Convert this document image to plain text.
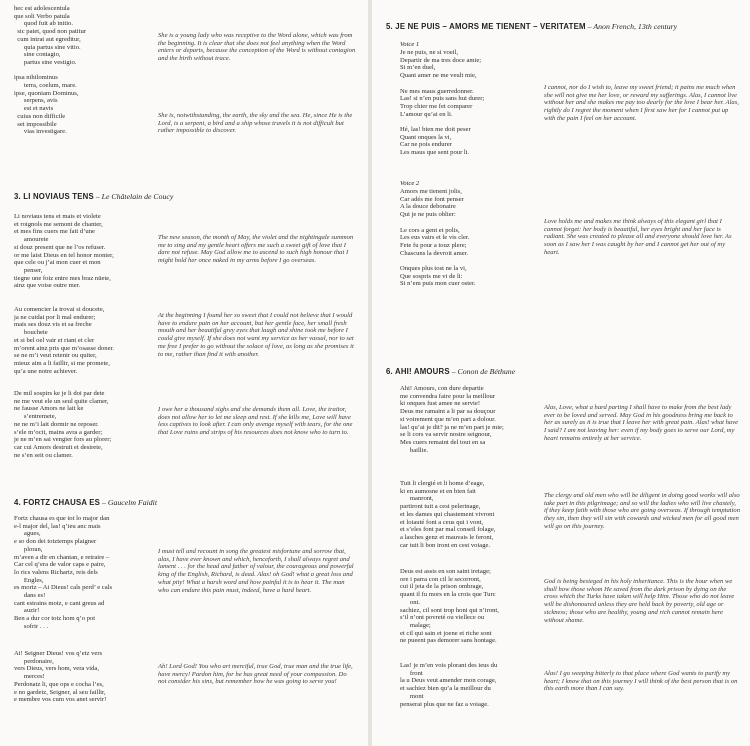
hec est adolescentula
que soli Verbo patula
quod fuit ab initio.
sic patet, quod non patitur
cum intrat aut egreditur,
quia partus sine vitio.
sine contagio,
partus sine vestigio.

ipsa nihilominus
terra, coelum, mare.
ipse, quoniam Dominus,
serpens, avis
est et navis
cuius non difficile
set impossibile
vias investigare.
She is a young lady who was receptive to the Word alone, which was from the beginning. It is clear that she does not feel anything when the Word enters or departs, because the conception of the Word is without contagion and the birth without trace.
She is, notwithstanding, the earth, the sky and the sea. He, since He is the Lord, is a serpent, a bird and a ship whose travels it is not difficult but rather impossible to discover.
3. LI NOVIAUS TENS – Le Châtelain de Coucy
Li noviaus tens et mais et violete
et roignols me semont de chanter,
et mes fins cuers me fait d’une
amourete
si douz present que ne l’os refuser.
or me laist Dieus en tel honor monter,
que cele ou j’ai mon cuer et mon
penser,
tiegne une foiz entre mes braz nüete,
ainz que voise outre mer.
The new season, the month of May, the violet and the nightingale summon me to sing and my gentle heart offers me such a sweet gift of love that I dare not refuse. May God allow me to ascend to such high honour that I might hold her once naked in my arms before I go overseas.
Au comencier la trovai si doucete,
ja ne cuidai por li mal endurer;
mais ses douz vis et sa freche
bouchete
et si bel oel vair et riant et cler
m’orent ainz pris que m’osasse doner.
se ne m’i veut retenir ou quiter,
mieuz aim a li faillir, si me promete,
qu’a une notre achiever.
At the beginning I found her so sweet that I could not believe that I would have to endure pain on her account, but her gentle face, her small fresh mouth and her beautiful grey eyes that laugh and shine took me before I could give myself. If she does not want my service as her vassal, nor to set me free I prefer to go without the solace of love, as long as she promises it to me, rather than find it with another.
De mil sospirs ke je li doi par dete
ne me veut ele un seul quite clamer,
ne fausse Amors ne lait ke
s’entremete,
ne ne m’i lait dormir ne reposer.
s’ele m’ocit, mains avra a garder;
je ne m’en sai vengier fors au plorer;
car cui Amors destruit et desirete,
ne s’en seit ou clamer.
I owe her a thousand sighs and she demands them all. Love, the traitor, does not allow her to let me sleep and rest. If she kills me, Love will have less captives to look after. I can only avenge myself with tears, for the one that Love ruins and strips of his resources does not know who to turn to.
4. FORTZ CHAUSA ES – Gaucelm Faidit
Fortz chausa es que tot lo major dan
e-l major del, las! q’ieu anc mais
agues,
e so don dei totztemps plaigner
ploran,
m’aven a dir en chantan, e retraire –
Car cel q’era de valor caps e paire,
lo rics valens Richartz, reis dels
Engles,
es mortz – Ai Dieus! cals perd’ e cals
dans es!
cant estrains motz, e cant greus ad
auzir!
Ben a dur cor totz hom q’o pot
sofrir . . .
I must tell and recount in song the greatest misfortune and sorrow that, alas, I have ever known and which, henceforth, I shall always regret and lament . . . for the head and father of valour, the courageous and powerful king of the English, Richard, is dead. Alas! oh God! what a great loss and what pity! What a harsh word and how painful it is to hear it. The man who can endure this pain must, indeed, have a hard heart.
Ai! Seigner Dieus! vos q’etz vers
perdonaire,
vers Dieus, vers hom, vera vida,
merces!
Perdonatz li, que ops e cocha l’es,
e no gardetz, Seigner, al seu faillir,
e membre vos cum vos anet servir!
Ah! Lord God! You who art merciful, true God, true man and the true life, have mercy! Pardon him, for he has great need of your compassion. Do not consider his sins, but remember how he was going to serve you!
5. JE NE PUIS – AMORS ME TIENENT – VERITATEM – Anon French, 13th century
Voice 1
Je ne puis, ne si voeil,
Departir de ma tres doce amie;
Si m’en duel,
Quant amer ne me veult mie,

Ne mes maus guerredonner.
Las! si n’en puis sans hui durer;
Trop chier me fet comparer
L’amour qu’ai en li.

Hé, las! bien me doit peser
Quant onques la vi,
Car ne pois endurer
Les maus que sent pour li.
I cannot, nor do I wish to, leave my sweet friend; it pains me much when she will not give me her love, or reward my sufferings. Alas, I cannot live without her and she makes me pay too dearly for the love I bear her. Alas, rightly do I regret the moment when I first saw her for I cannot put up with the pain I feel on her account.
Voice 2
Amors me tienent jolis,
Car adés me font penser
A la douce debonaire
Qui je ne puis oblier:

Le cors a gent et polis,
Les eus vairs et le vis cler.
Fete fu pour a touz plere;
Chascuns la devroit amer.

Onques plus tost ne la vi,
Que sospris me vi de li:
Si n’em puis mon cuer oster.
Love holds me and makes me think always of this elegant girl that I cannot forget: her body is beautiful, her eyes bright and her face is radiant. She was created to please all and everyone should love her. As soon as I saw her I was caught by her and I cannot get her out of my heart.
6. AHI! AMOURS – Conon de Béthune
Ahi! Amours, con dure departie
me convendra faire pour la meillour
ki onques fust amee ne servie!
Deus me ramaint a li par sa douçour
si voirement que m’en part a dolour.
las! qu’ai je dit? ja ne m’en part je mie;
se li cors va servir nostre seignour,
Mes cuers remaint del tout en sa
baillie.
Alas, Love, what a hard parting I shall have to make from the best lady ever to be loved and served. May God in his goodness bring me back to her as surely as it is true that I leave her with great pain. Alas! what have I said? I am not leaving her: even if my body goes to serve our Lord, my heart remains entirely at her service.
Tuit li clergié et li home d’eage,
ki en aumosne et en bien fait
manront,
partiront tuit a cest pelerinage,
et les dames qui chastement vivront
et loiauté font a ceus qui i vont,
et s’eles font par mal conseil folage,
a lasches genz et mauvais le feront,
car tuit li bon iront en cest voiage.
The clergy and old men who will be diligent in doing good works will also take part in this pilgrimage; and so will the ladies who will live chastely, if they keep faith with those who are going overseas. If through temptation they sin, then they will sin with cowards and wicked men for all good men will go on this journey.
Deus est assis en son saint iretage;
ore i parra con cil le secorront,
cui il jeta de la prison ombrage,
quant il fu mors en la crois que Turc
ont.
sachiez, cil sont trop honi qui n’iront,
s’il n’ont povreté ou viellece ou
malage;
et cil qui sain et joene et riche sont
ne pueent pas demorer sans hontage.
God is being besieged in his holy inheritance. This is the hour when we shall how those whom He saved from the dark prison by dying on the cross which the Turks have taken will help Him. Those who do not leave will be dishonoured unless they are held back by poverty, old age or sickness; those who are healthy, young and rich cannot remain here without shame.
Las! je m’en vois plorant des ieus du
front
la u Deus veut amender mon corage,
et sachiez bien qu’a la meillour du
mont
penserai plus que ne faz a voiage.
Alas! I go weeping bitterly to that place where God wants to purify my heart; I know that on this journey I will think of the best person that is on this earth more than I can say.
